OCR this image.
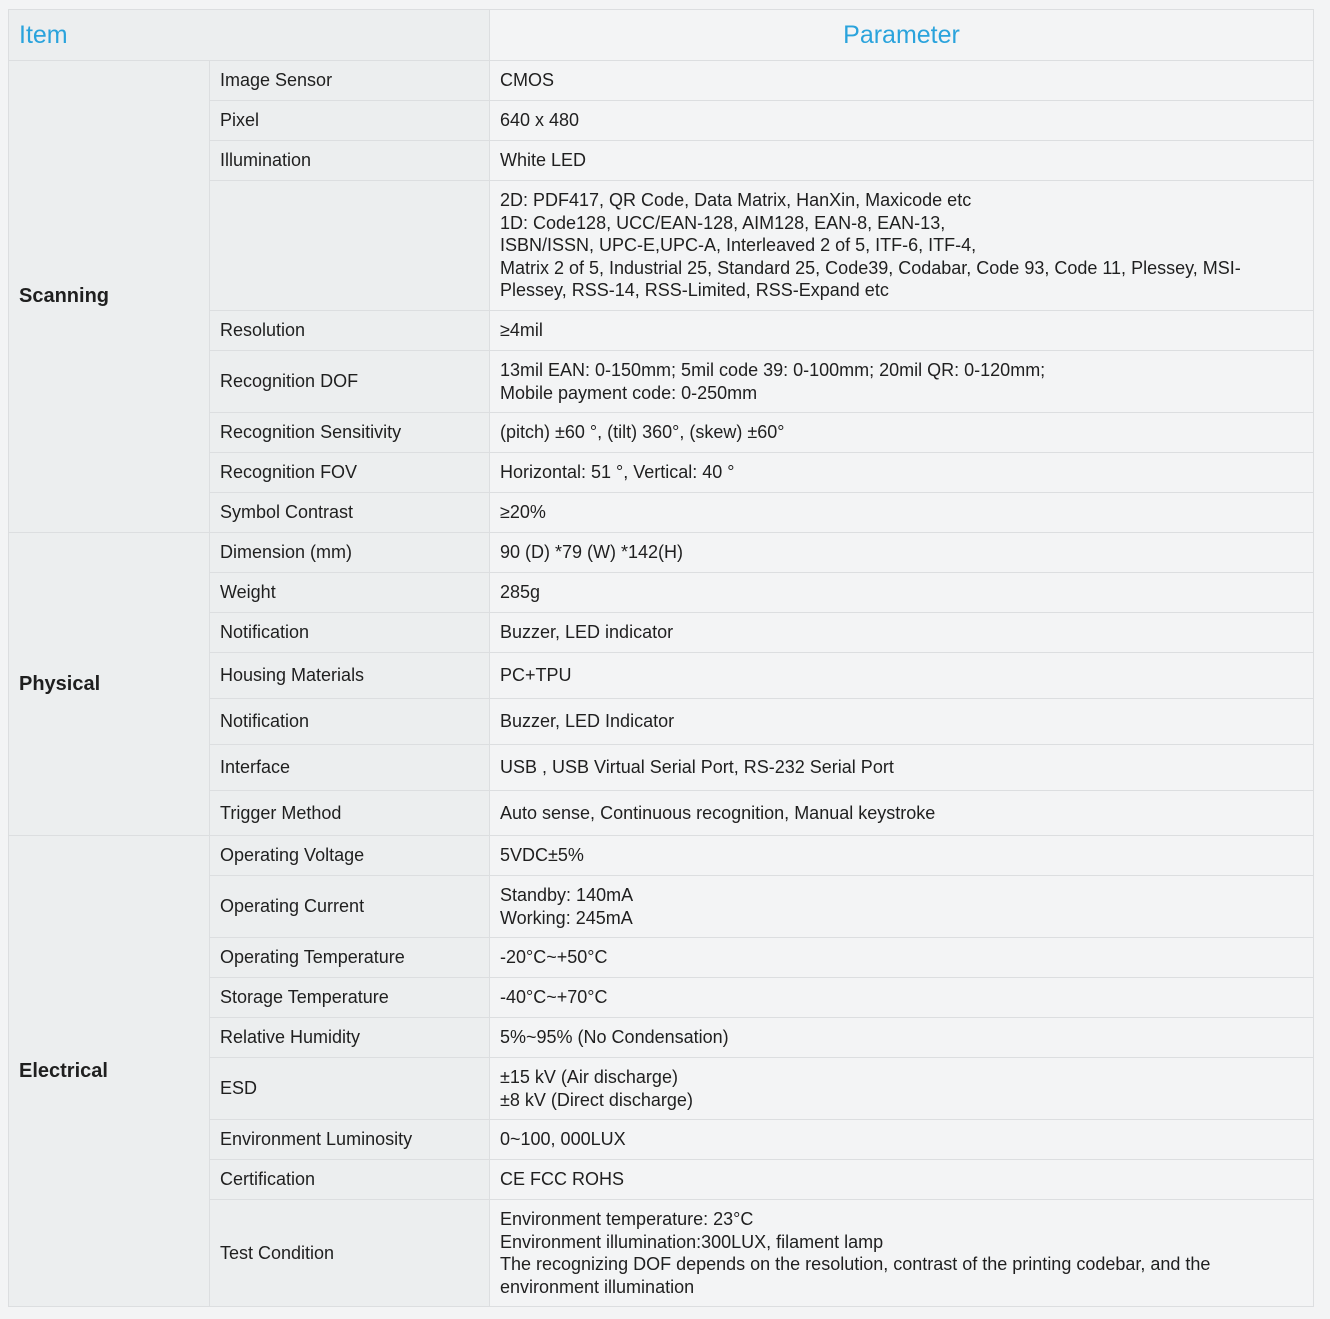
Item		Parameter
Scanning	Image Sensor	CMOS

	Pixel	640 x 480

	Illumination	White LED

		2D: PDF417, QR Code, Data Matrix, HanXin, Maxicode etc
1D: Code128, UCC/EAN-128, AIM128, EAN-8, EAN-13,
ISBN/ISSN, UPC-E,UPC-A, Interleaved 2 of 5, ITF-6, ITF-4,
Matrix 2 of 5, Industrial 25, Standard 25, Code39, Codabar, Code 93, Code 11, Plessey, MSI-
Plessey, RSS-14, RSS-Limited, RSS-Expand etc

	Resolution	≥4mil

	Recognition DOF	13mil EAN: 0-150mm; 5mil code 39: 0-100mm; 20mil QR: 0-120mm;
Mobile payment code: 0-250mm

	Recognition Sensitivity	(pitch) ±60 °, (tilt) 360°, (skew) ±60°

	Recognition FOV	Horizontal: 51 °, Vertical: 40 °

	Symbol Contrast	≥20%

Physical	Dimension (mm)	90 (D) *79 (W) *142(H)

	Weight	285g

	Notification	Buzzer, LED indicator

	Housing Materials	PC+TPU

	Notification	Buzzer, LED Indicator

	Interface	USB , USB Virtual Serial Port, RS-232 Serial Port

	Trigger Method	Auto sense, Continuous recognition, Manual keystroke

Electrical	Operating Voltage	5VDC±5%

	Operating Current	Standby: 140mA
Working: 245mA

	Operating Temperature	-20°C~+50°C

	Storage Temperature	-40°C~+70°C

	Relative Humidity	5%~95% (No Condensation)

	ESD	±15 kV (Air discharge)
±8 kV (Direct discharge)

	Environment Luminosity	0~100, 000LUX

	Certification	CE FCC ROHS

	Test Condition	Environment temperature: 23°C
Environment illumination:300LUX, filament lamp
The recognizing DOF depends on the resolution, contrast of the printing codebar, and the
environment illumination
